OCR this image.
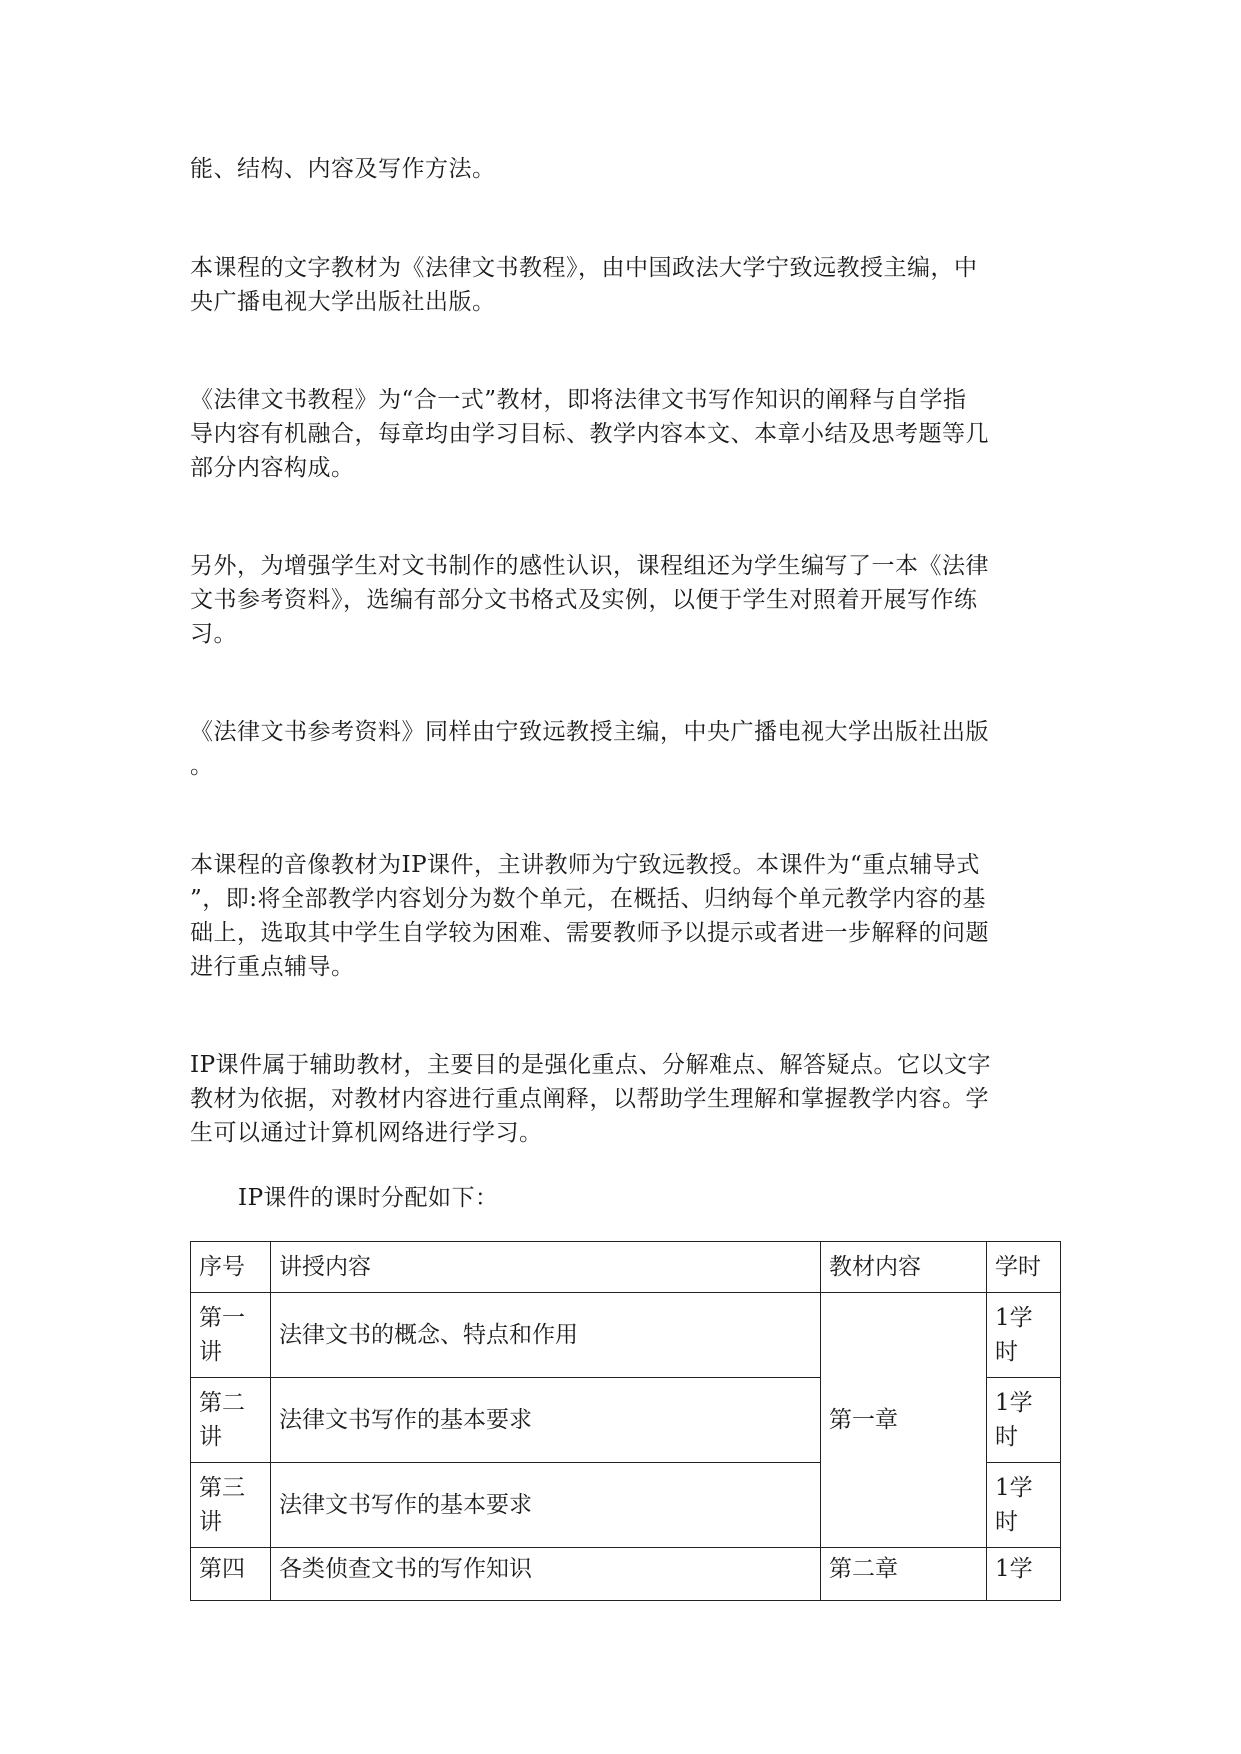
能、结构、内容及写作方法。

本课程的文字教材为《法律文书教程》，由中国政法大学宁致远教授主编，中
央广播电视大学出版社出版。

《法律文书教程》为“合一式”教材，即将法律文书写作知识的阐释与自学指
导内容有机融合，每章均由学习目标、教学内容本文、本章小结及思考题等几
部分内容构成。

另外，为增强学生对文书制作的感性认识，课程组还为学生编写了一本《法律
文书参考资料》，选编有部分文书格式及实例，以便于学生对照着开展写作练
习。

《法律文书参考资料》同样由宁致远教授主编，中央广播电视大学出版社出版
。

本课程的音像教材为IP课件，主讲教师为宁致远教授。本课件为“重点辅导式
”，即:将全部教学内容划分为数个单元，在概括、归纳每个单元教学内容的基
础上，选取其中学生自学较为困难、需要教师予以提示或者进一步解释的问题
进行重点辅导。

IP课件属于辅助教材，主要目的是强化重点、分解难点、解答疑点。它以文字
教材为依据，对教材内容进行重点阐释，以帮助学生理解和掌握教学内容。学
生可以通过计算机网络进行学习。

IP课件的课时分配如下：

序号	讲授内容	教材内容	学时
第一
讲	法律文书的概念、特点和作用	第一章	1学
时
第二
讲	法律文书写作的基本要求		1学
时
第三
讲	法律文书写作的基本要求		1学
时
第四	各类侦查文书的写作知识	第二章	1学
